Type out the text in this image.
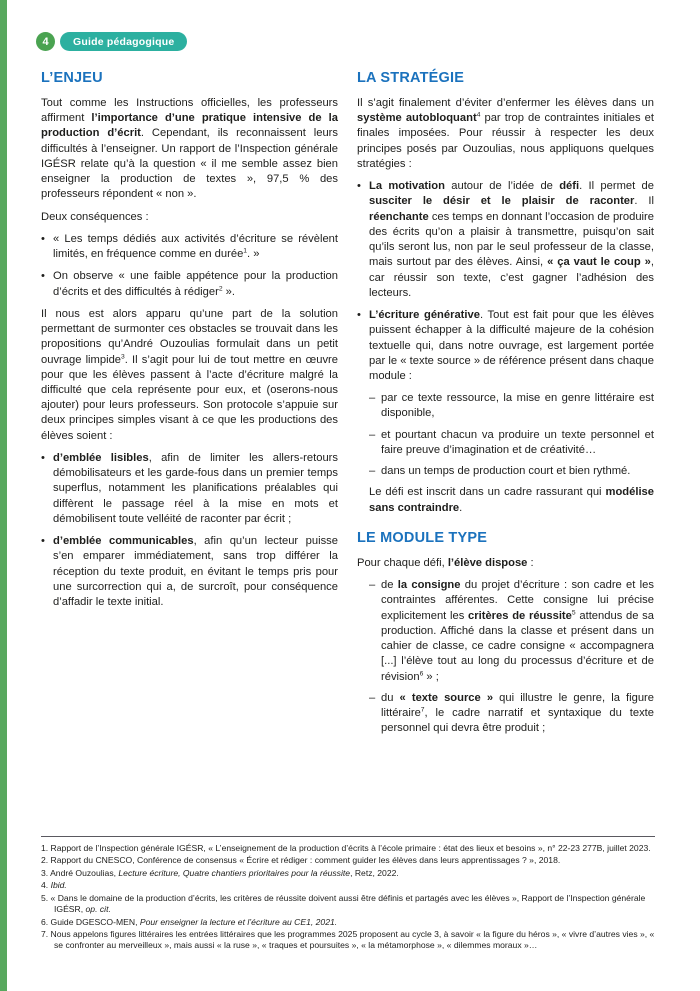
4	Guide pédagogique
L’ENJEU

Tout comme les Instructions officielles, les professeurs affirment l’importance d’une pratique intensive de la production d’écrit. Cependant, ils reconnaissent leurs difficultés à l’enseigner. Un rapport de l’Inspection générale IGÉSR relate qu’à la question « il me semble assez bien enseigner la production de textes », 97,5 % des professeurs répondent « non ».

Deux conséquences :

• « Les temps dédiés aux activités d’écriture se révèlent limités, en fréquence comme en durée$^1$. »
• On observe « une faible appétence pour la production d’écrits et des difficultés à rédiger$^2$ ».

Il nous est alors apparu qu’une part de la solution permettant de surmonter ces obstacles se trouvait dans les propositions qu’André Ouzoulias formulait dans un petit ouvrage limpide$^3$. Il s’agit pour lui de tout mettre en œuvre pour que les élèves passent à l’acte d’écriture malgré la difficulté que cela représente pour eux, et (oserons-nous ajouter) pour leurs professeurs. Son protocole s’appuie sur deux principes simples visant à ce que les productions des élèves soient :

• d’emblée lisibles, afin de limiter les allers-retours démobilisateurs et les garde-fous dans un premier temps superflus, notamment les planifications préalables qui diffèrent le passage réel à la mise en mots et démobilisent toute velléité de raconter par écrit ;
• d’emblée communicables, afin qu’un lecteur puisse s’en emparer immédiatement, sans trop différer la réception du texte produit, en évitant le temps pris pour une surcorrection qui a, de surcroît, pour conséquence d’affadir le texte initial.
LA STRATÉGIE

Il s’agit finalement d’éviter d’enfermer les élèves dans un système autobloquant$^4$ par trop de contraintes initiales et finales imposées. Pour réussir à respecter les deux principes posés par Ouzoulias, nous appliquons quelques stratégies :

• La motivation autour de l’idée de défi. Il permet de susciter le désir et le plaisir de raconter. Il réenchante ces temps en donnant l’occasion de produire des écrits qu’on a plaisir à transmettre, puisqu’on sait qu’ils seront lus, non par le seul professeur de la classe, mais surtout par des élèves. Ainsi, « ça vaut le coup », car réussir son texte, c’est gagner l’adhésion des lecteurs.
• L’écriture générative. Tout est fait pour que les élèves puissent échapper à la difficulté majeure de la cohésion textuelle qui, dans notre ouvrage, est largement portée par le « texte source » de référence présent dans chaque module :
– par ce texte ressource, la mise en genre littéraire est disponible,
– et pourtant chacun va produire un texte personnel et faire preuve d’imagination et de créativité…
– dans un temps de production court et bien rythmé.

Le défi est inscrit dans un cadre rassurant qui modélise sans contraindre.

LE MODULE TYPE

Pour chaque défi, l’élève dispose :

– de la consigne du projet d’écriture : son cadre et les contraintes afférentes. Cette consigne lui précise explicitement les critères de réussite$^5$ attendus de sa production. Affiché dans la classe et présent dans un cahier de classe, ce cadre consigne « accompagnera [...] l’élève tout au long du processus d’écriture et de révision$^6$ » ;
– du « texte source » qui illustre le genre, la figure littéraire$^7$, le cadre narratif et syntaxique du texte personnel qui devra être produit ;
1. Rapport de l’Inspection générale IGÉSR, « L’enseignement de la production d’écrits à l’école primaire : état des lieux et besoins », n° 22-23 277B, juillet 2023.
2. Rapport du CNESCO, Conférence de consensus « Écrire et rédiger : comment guider les élèves dans leurs apprentissages ? », 2018.
3. André Ouzoulias, Lecture écriture, Quatre chantiers prioritaires pour la réussite, Retz, 2022.
4. Ibid.
5. « Dans le domaine de la production d’écrits, les critères de réussite doivent aussi être définis et partagés avec les élèves », Rapport de l’Inspection générale IGÉSR, op. cit.
6. Guide DGESCO-MEN, Pour enseigner la lecture et l’écriture au CE1, 2021.
7. Nous appelons figures littéraires les entrées littéraires que les programmes 2025 proposent au cycle 3, à savoir « la figure du héros », « vivre d’autres vies », « se confronter au merveilleux », mais aussi « la ruse », « traques et poursuites », « la métamorphose », « dilemmes moraux »…
